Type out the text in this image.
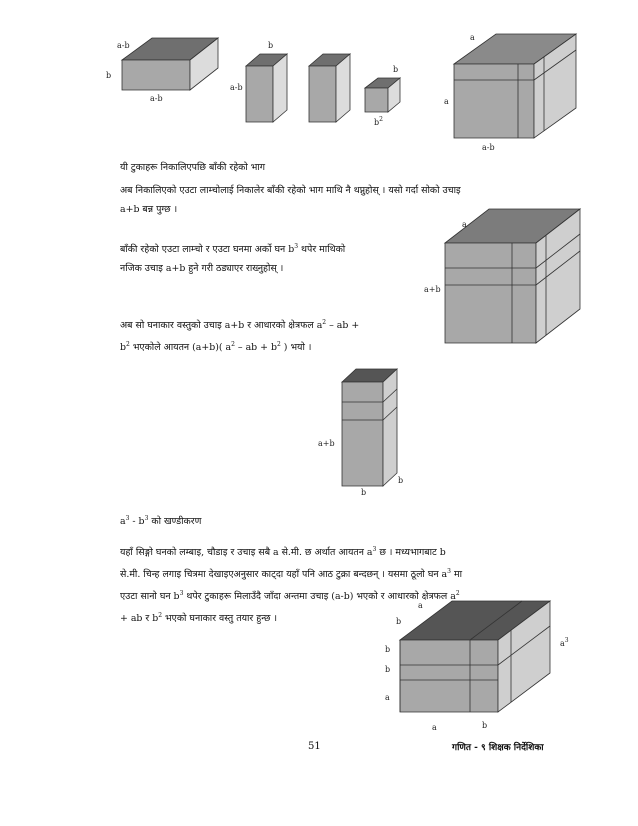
a-b
b
a-b
b
a-b
b
$b^2$
a
a
a-b
यी टुकाहरू निकालिएपछि बाँकी रहेको भाग
अब निकालिएको एउटा लाम्चोलाई निकालेर बाँकी रहेको भाग माथि नै थप्नुहोस् । यसो गर्दा सोको उचाइ
a+b बन्न पुग्छ ।
बाँकी रहेको एउटा लाम्चो र एउटा घनमा अर्को घन $b^3$ थपेर माथिको
नजिक उचाइ a+b हुने गरी ठड्याएर राख्नुहोस् ।
a
a+b
अब सो घनाकार वस्तुको उचाइ a+b र आधारको क्षेत्रफल $a^2$ – ab +
$b^2$ भएकोले आयतन (a+b)( $a^2$ – ab + $b^2$ ) भयो ।
a+b
b
b
$a^3 - b^3$ को खण्डीकरण
यहाँ सिङ्गो घनको लम्बाइ, चौडाइ र उचाइ सबै a से.मी. छ अर्थात आयतन $a^3$ छ । मध्यभागबाट b
से.मी. चिन्ह लगाइ चित्रमा देखाइएअनुसार काट्दा यहाँ पनि आठ टुक्रा बन्दछन् । यसमा ठूलो घन $a^3$ मा
एउटा सानो घन $b^3$ थपेर टुकाहरू मिलाउँदै जाँदा अन्तमा उचाइ (a-b) भएको र आधारको क्षेत्रफल $a^2$
+ ab र $b^2$ भएको घनाकार वस्तु तयार हुन्छ ।
a
b
$a^3$
b
b
a
a	b
51	गणित - ९ शिक्षक निर्देशिका
